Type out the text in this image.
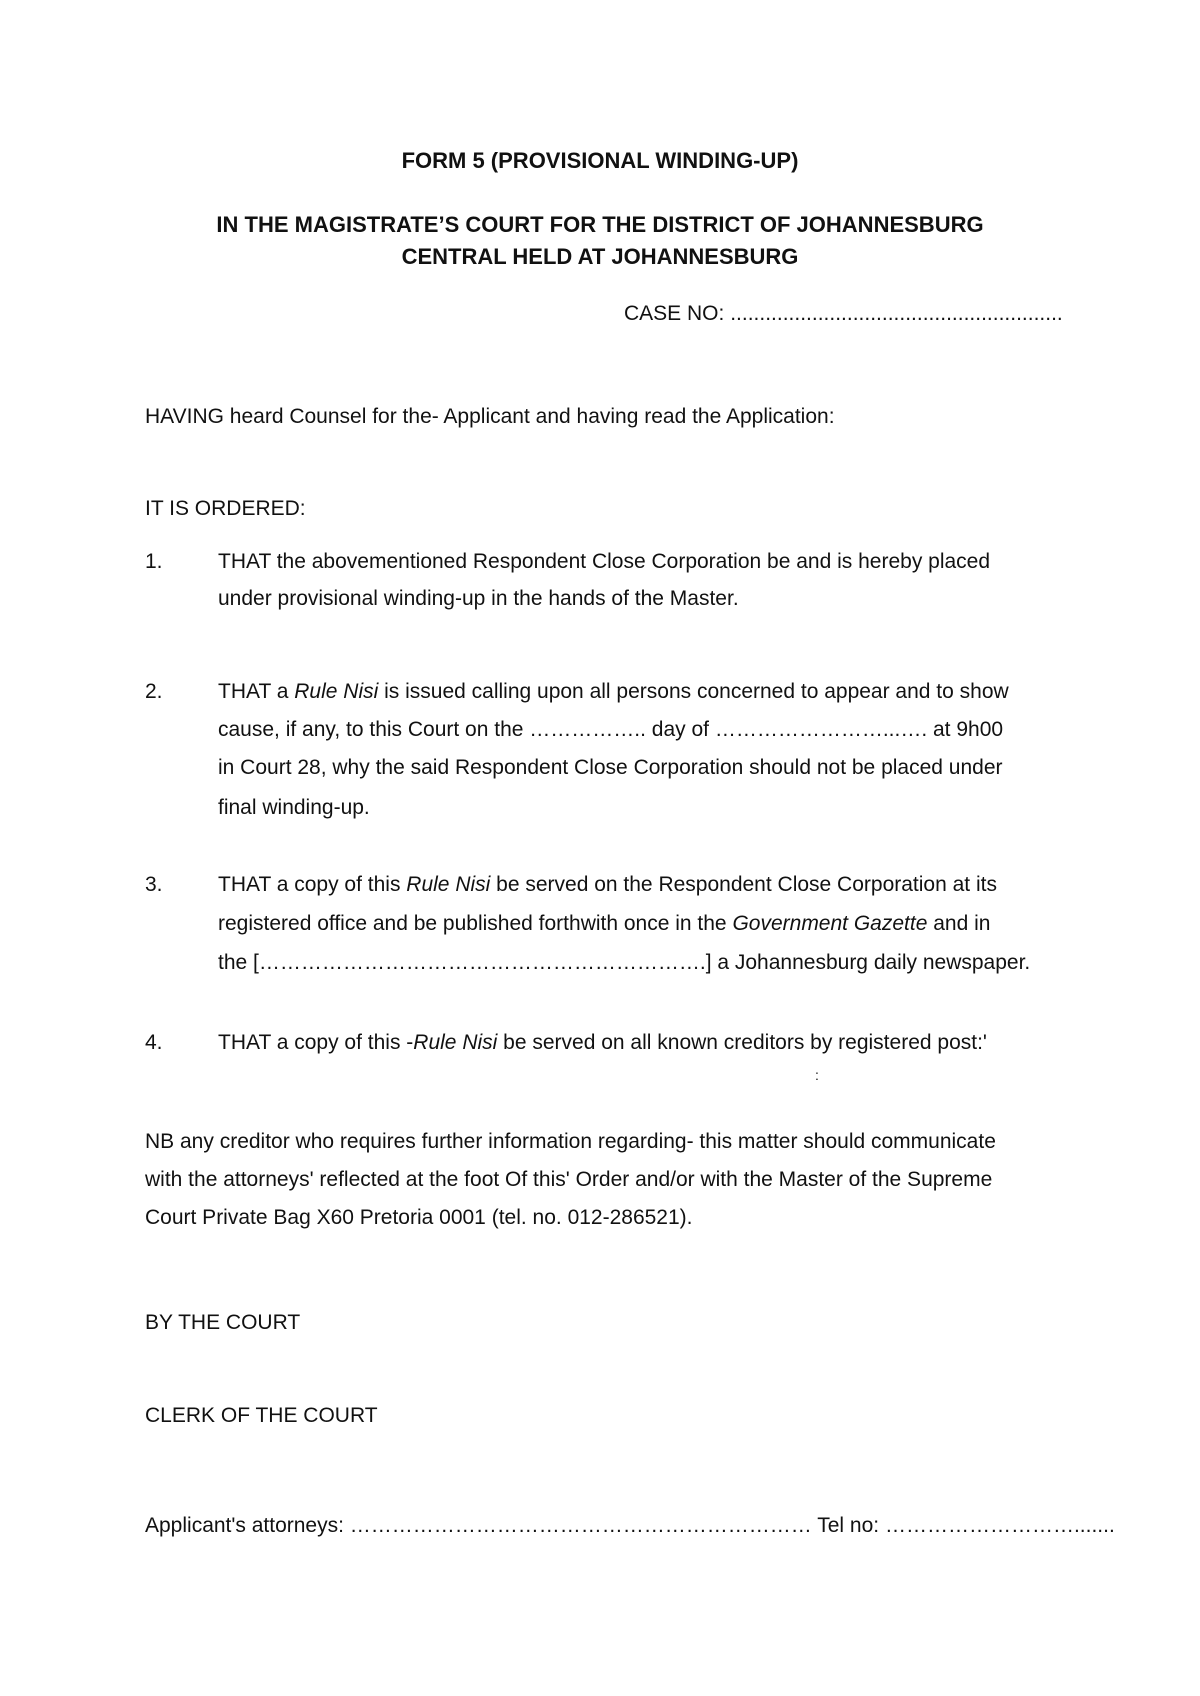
FORM 5 (PROVISIONAL WINDING-UP)
IN THE MAGISTRATE’S COURT FOR THE DISTRICT OF JOHANNESBURG
CENTRAL HELD AT JOHANNESBURG
CASE NO: .........................................................
HAVING heard Counsel for the- Applicant and having read the Application:
IT IS ORDERED:
1.	THAT the abovementioned Respondent Close Corporation be and is hereby placed
under provisional winding-up in the hands of the Master.
2.	THAT a Rule Nisi is issued calling upon all persons concerned to appear and to show
cause, if any, to this Court on the …………….. day of ……………………...…. at 9h00
in Court 28, why the said Respondent Close Corporation should not be placed under
final winding-up.
3.	THAT a copy of this Rule Nisi be served on the Respondent Close Corporation at its
registered office and be published forthwith once in the Government Gazette and in
the [……………………………………………………….] a Johannesburg daily newspaper.
4.	THAT a copy of this -Rule Nisi be served on all known creditors by registered post:'
:
NB any creditor who requires further information regarding- this matter should communicate
with the attorneys' reflected at the foot Of this' Order and/or with the Master of the Supreme
Court Private Bag X60 Pretoria 0001 (tel. no. 012-286521).
BY THE COURT
CLERK OF THE COURT
Applicant's attorneys: ………………………………………………………… Tel no: ……………………….......
